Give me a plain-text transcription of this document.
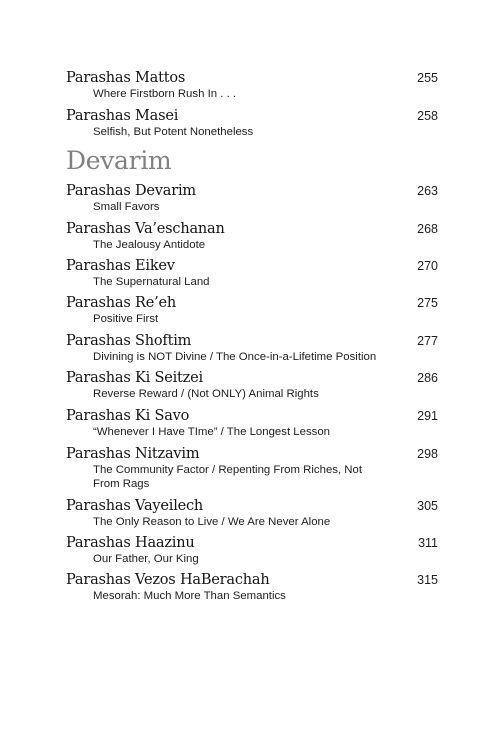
Parashas Mattos
Where Firstborn Rush In . . .
255
Parashas Masei
Selfish, But Potent Nonetheless
258
Devarim
Parashas Devarim
Small Favors
263
Parashas Va’eschanan
The Jealousy Antidote
268
Parashas Eikev
The Supernatural Land
270
Parashas Re’eh
Positive First
275
Parashas Shoftim
Divining is NOT Divine / The Once-in-a-Lifetime Position
277
Parashas Ki Seitzei
Reverse Reward / (Not ONLY) Animal Rights
286
Parashas Ki Savo
“Whenever I Have TIme” / The Longest Lesson
291
Parashas Nitzavim
The Community Factor / Repenting From Riches, Not From Rags
298
Parashas Vayeilech
The Only Reason to Live / We Are Never Alone
305
Parashas Haazinu
Our Father, Our King
311
Parashas Vezos HaBerachah
Mesorah: Much More Than Semantics
315
